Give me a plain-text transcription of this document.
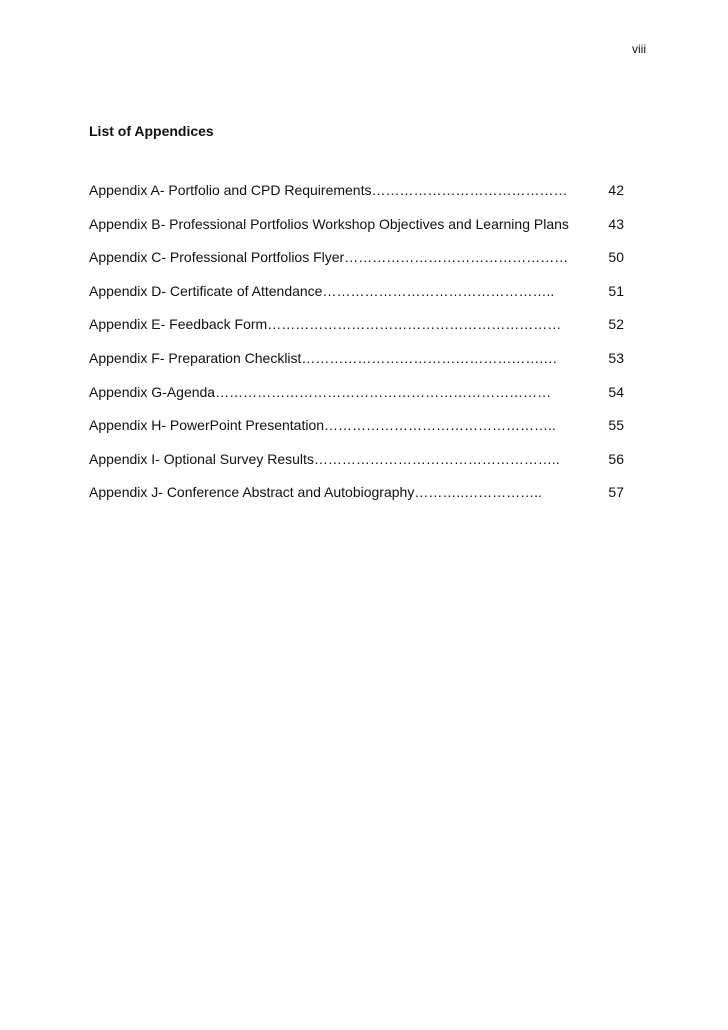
viii
List of Appendices
Appendix A- Portfolio and CPD Requirements……………………………………	42
Appendix B- Professional Portfolios Workshop Objectives and Learning Plans	43
Appendix C- Professional Portfolios Flyer…………………………………………	50
Appendix D- Certificate of Attendance…………………………………………..	51
Appendix E- Feedback Form………………………………………………………	52
Appendix F- Preparation Checklist…………………………………………….…	53
Appendix G-Agenda………………………………………………………………	54
Appendix H- PowerPoint Presentation…………………………………………..	55
Appendix I- Optional Survey Results……………………………………………..	56
Appendix J- Conference Abstract and Autobiography………..……………..	57
